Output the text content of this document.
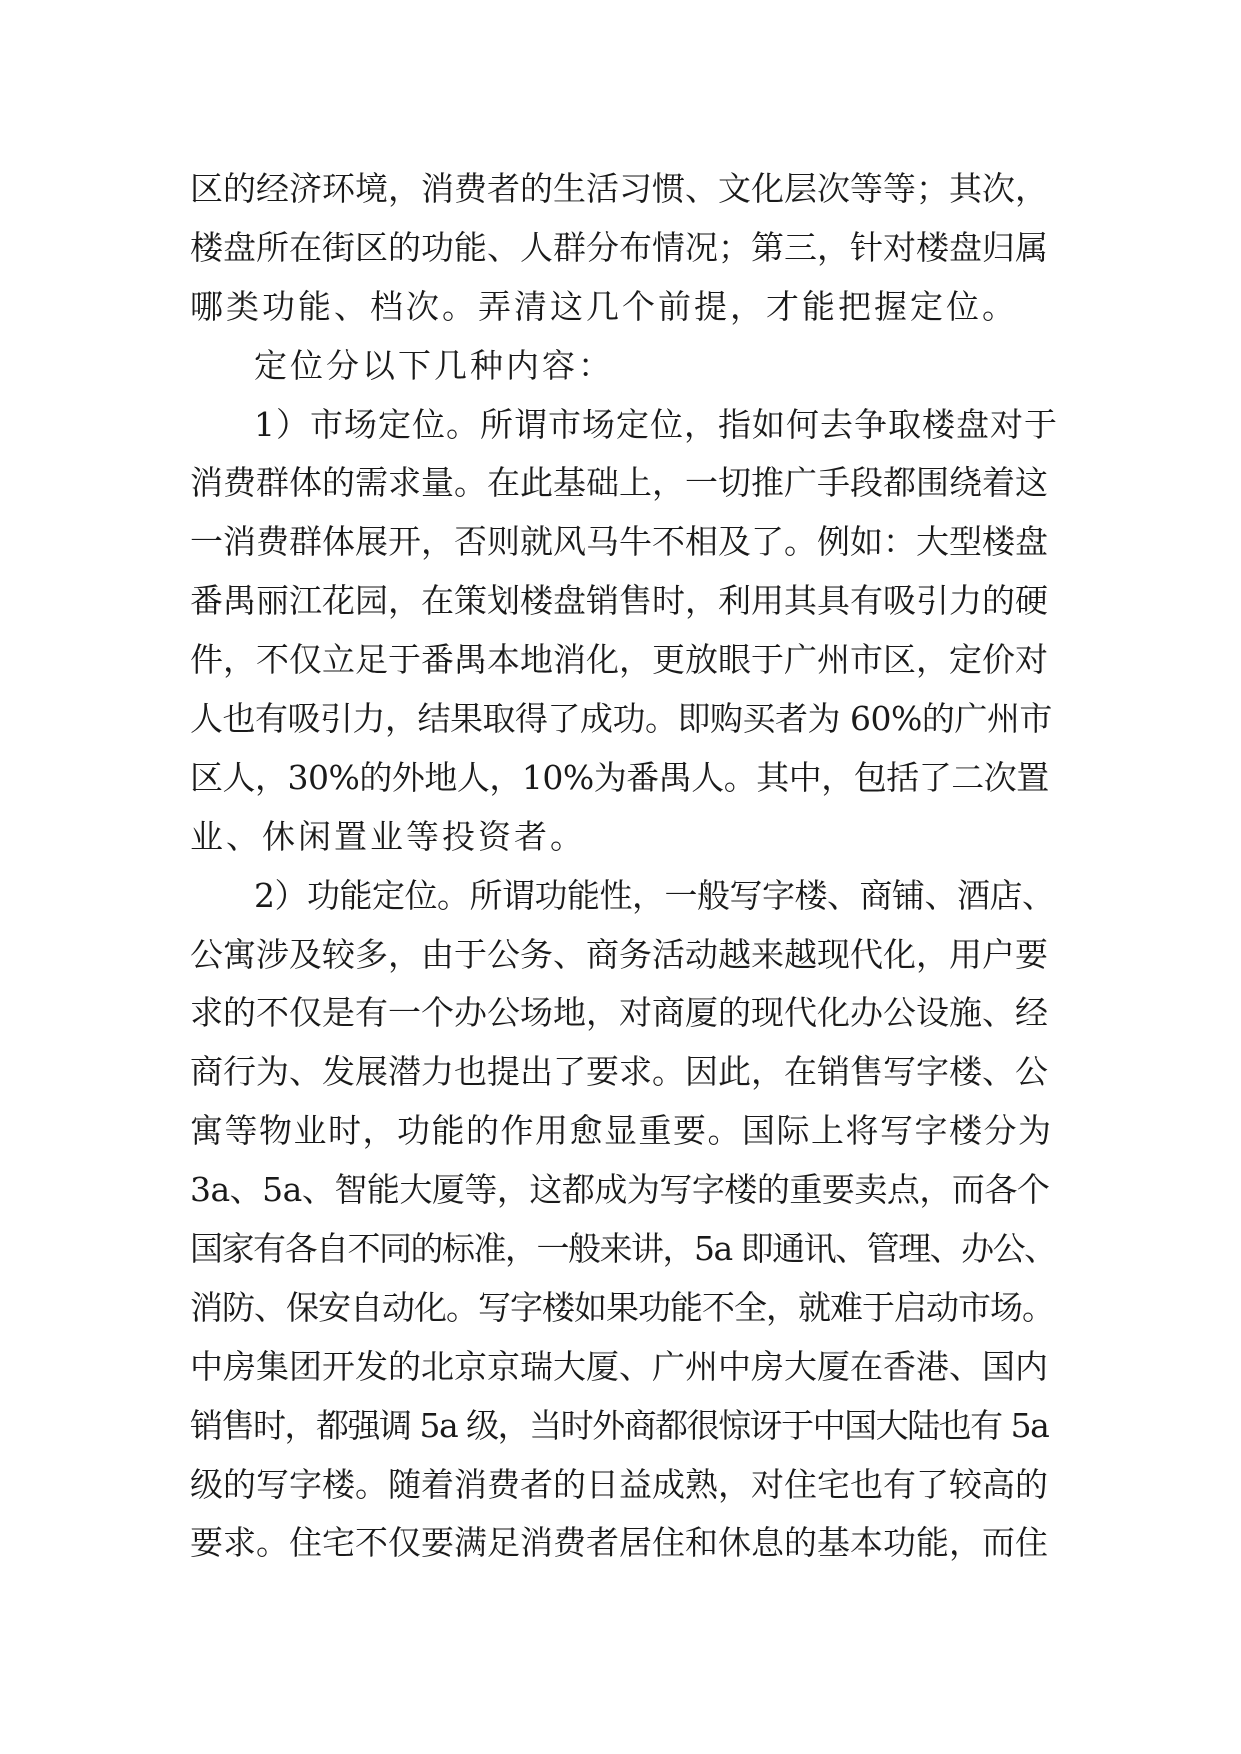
区的经济环境，消费者的生活习惯、文化层次等等；其次，
楼盘所在街区的功能、人群分布情况；第三，针对楼盘归属
哪类功能、档次。弄清这几个前提，才能把握定位。
定位分以下几种内容：
1）市场定位。所谓市场定位，指如何去争取楼盘对于
消费群体的需求量。在此基础上，一切推广手段都围绕着这
一消费群体展开，否则就风马牛不相及了。例如：大型楼盘
番禺丽江花园，在策划楼盘销售时，利用其具有吸引力的硬
件，不仅立足于番禺本地消化，更放眼于广州市区，定价对
人也有吸引力，结果取得了成功。即购买者为 60%的广州市
区人，30%的外地人，10%为番禺人。其中，包括了二次置
业、休闲置业等投资者。
2）功能定位。所谓功能性，一般写字楼、商铺、酒店、
公寓涉及较多，由于公务、商务活动越来越现代化，用户要
求的不仅是有一个办公场地，对商厦的现代化办公设施、经
商行为、发展潜力也提出了要求。因此，在销售写字楼、公
寓等物业时，功能的作用愈显重要。国际上将写字楼分为
3a、5a、智能大厦等，这都成为写字楼的重要卖点，而各个
国家有各自不同的标准，一般来讲，5a 即通讯、管理、办公、
消防、保安自动化。写字楼如果功能不全，就难于启动市场。
中房集团开发的北京京瑞大厦、广州中房大厦在香港、国内
销售时，都强调 5a 级，当时外商都很惊讶于中国大陆也有 5a
级的写字楼。随着消费者的日益成熟，对住宅也有了较高的
要求。住宅不仅要满足消费者居住和休息的基本功能，而住
